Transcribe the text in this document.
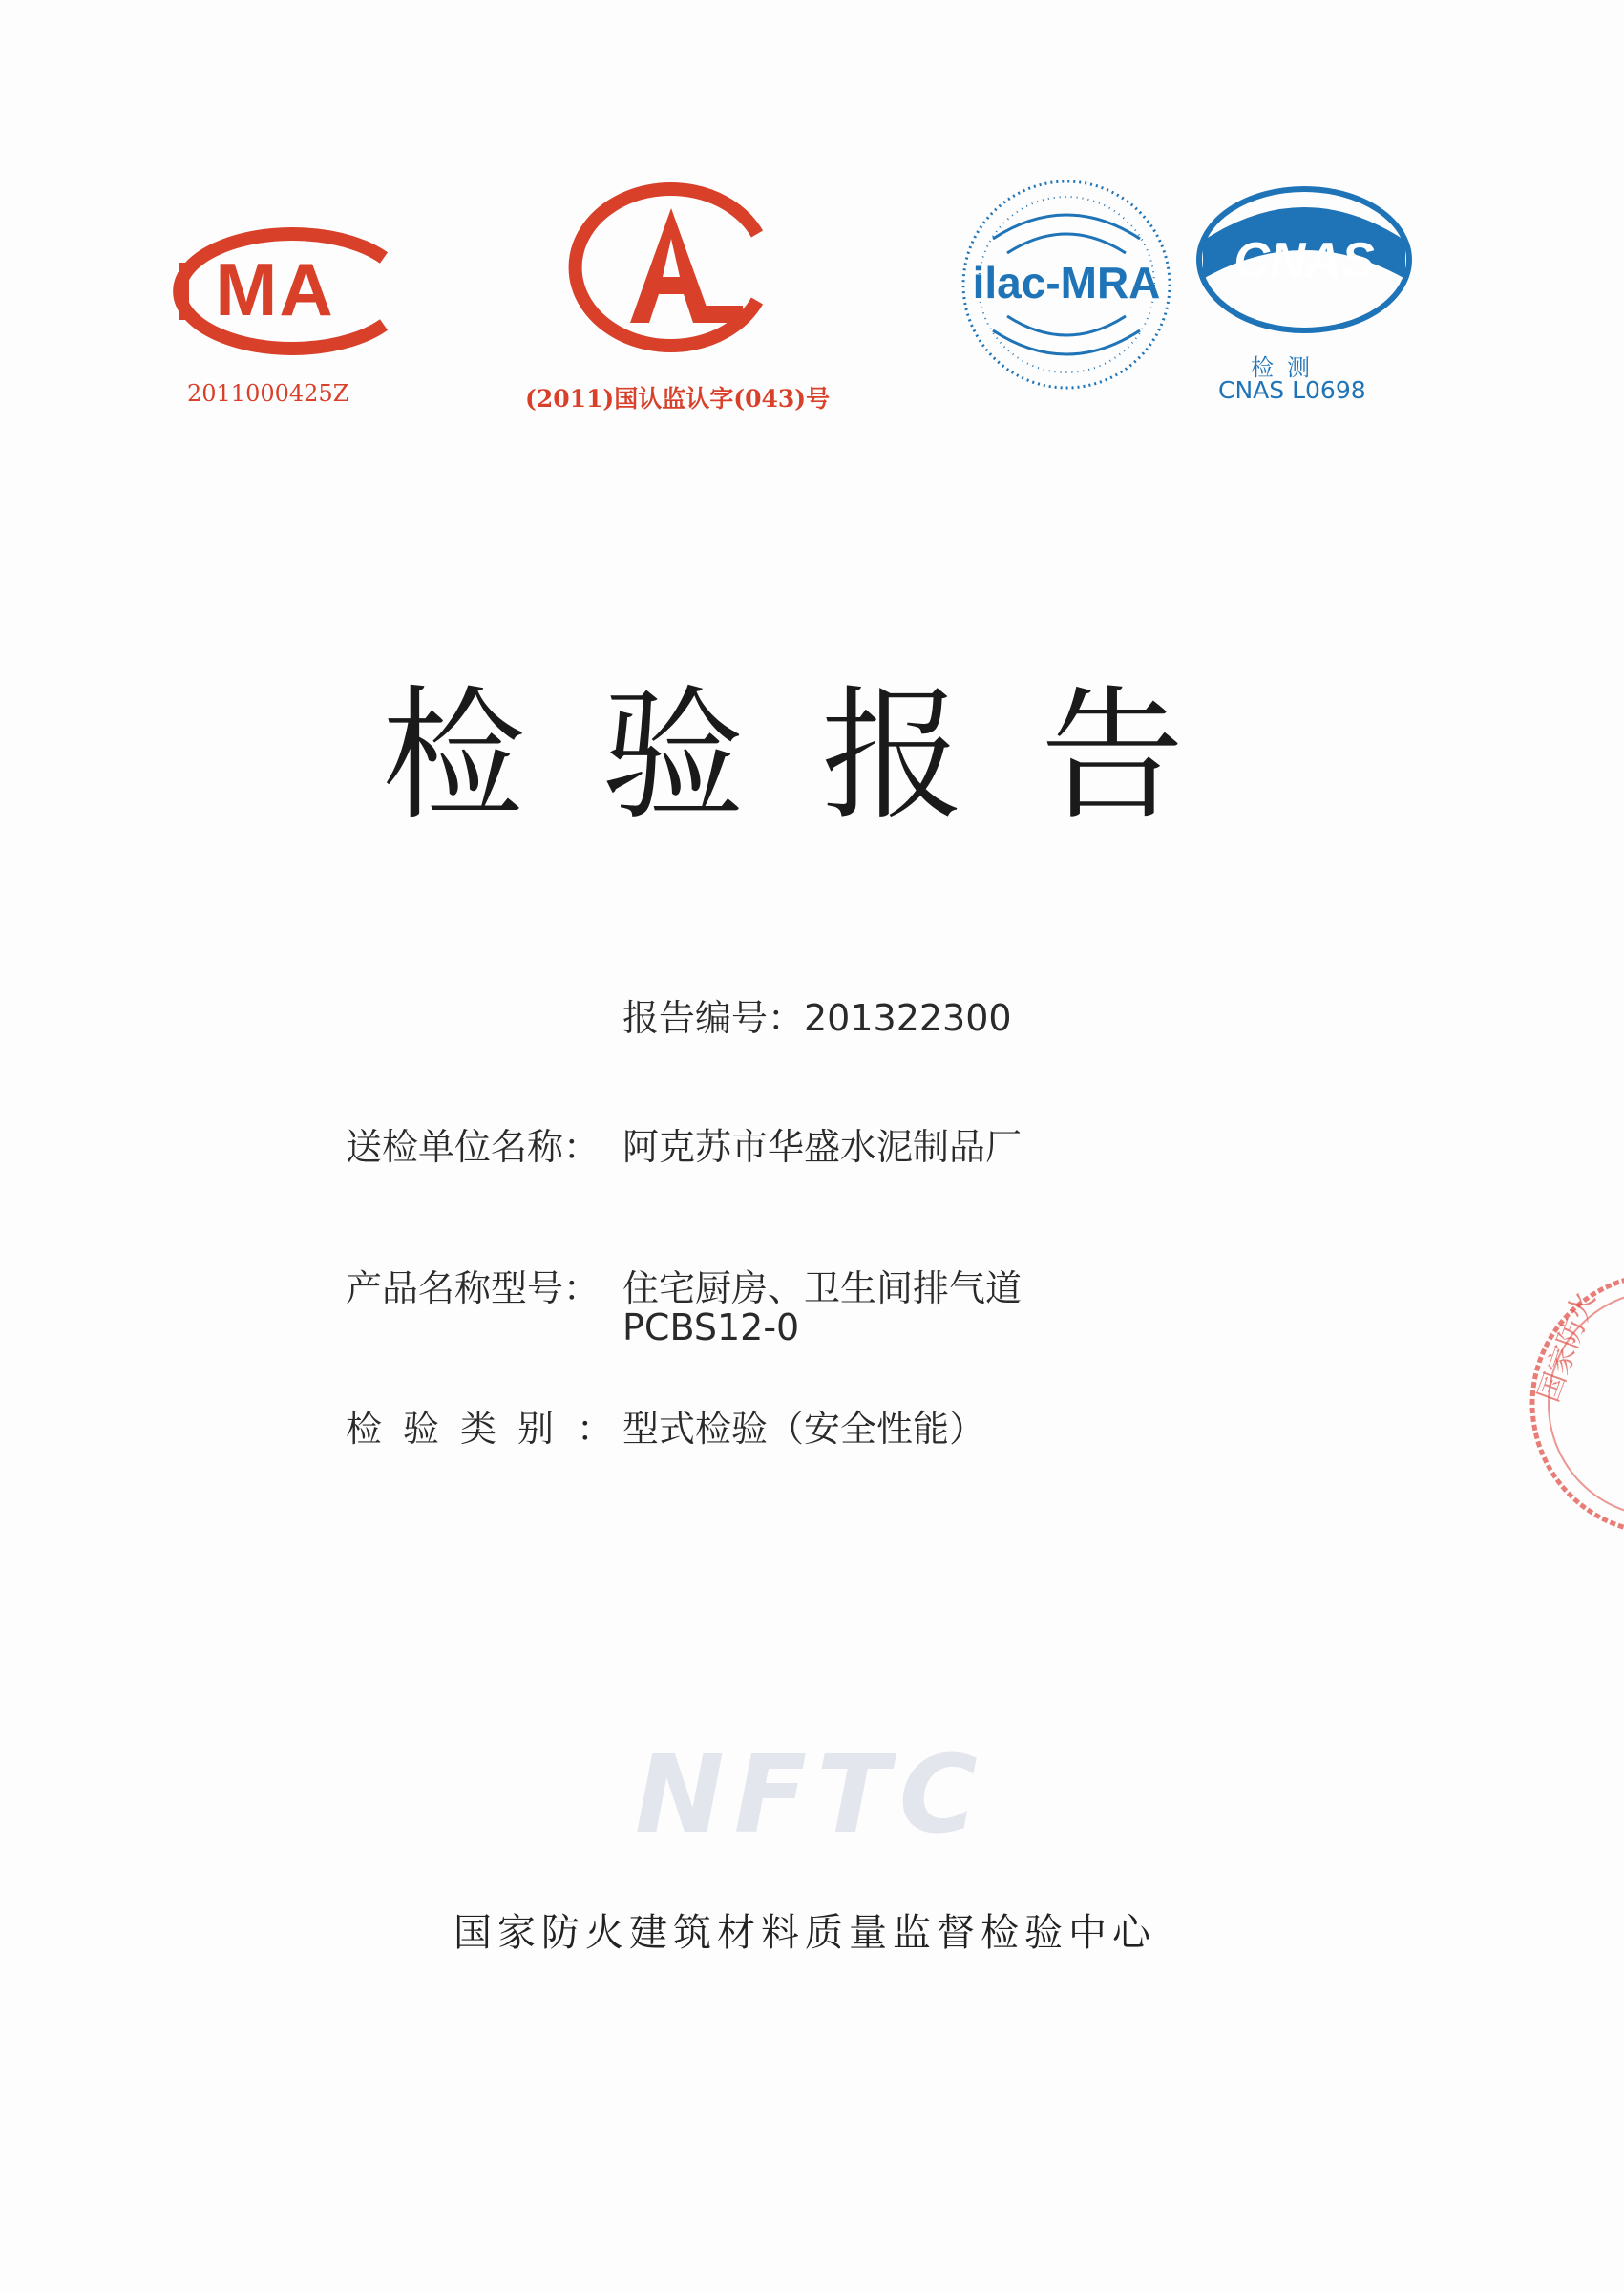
MA
2011000425Z	(2011)国认监认字(043)号
ilac-MRA CNAS
检测
CNAS L0698
检验报告
报告编号：201322300
送检单位名称： 阿克苏市华盛水泥制品厂
产品名称型号： 住宅厨房、卫生间排气道
PCBS12-0
检验类别 ： 型式检验（安全性能）
NFTC
国家防火建筑材料质量监督检验中心
国家防火
